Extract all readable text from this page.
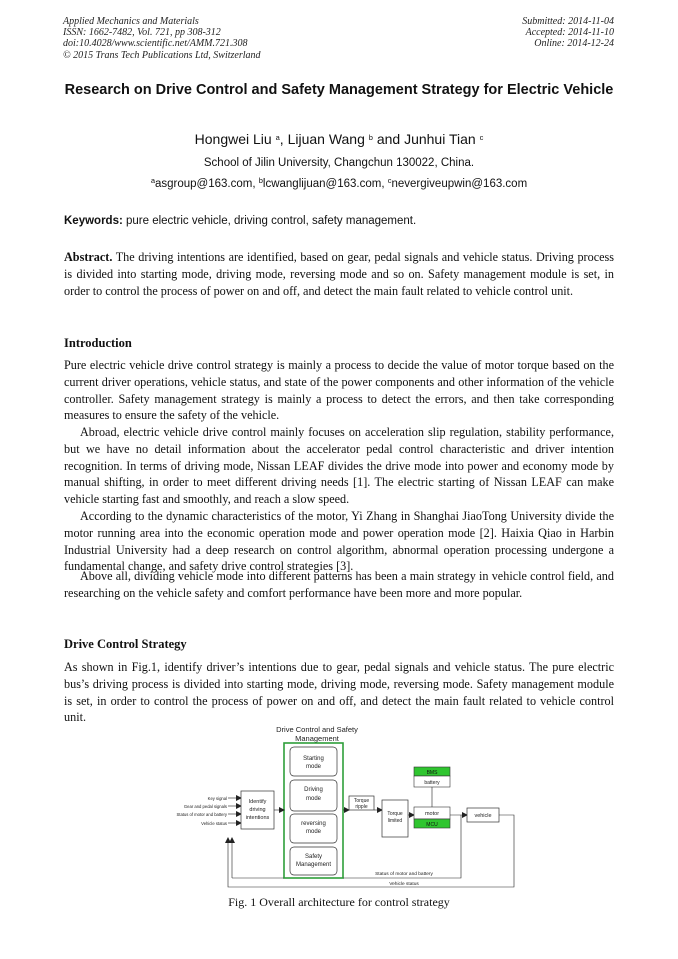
Applied Mechanics and Materials
ISSN: 1662-7482, Vol. 721, pp 308-312
doi:10.4028/www.scientific.net/AMM.721.308
© 2015 Trans Tech Publications Ltd, Switzerland
Submitted: 2014-11-04
Accepted: 2014-11-10
Online: 2014-12-24
Research on Drive Control and Safety Management Strategy for Electric Vehicle
Hongwei Liu $^a$, Lijuan Wang $^b$ and Junhui Tian $^c$
School of Jilin University, Changchun 130022, China.
$^a$asgroup@163.com, $^b$lcwanglijuan@163.com, $^c$nevergiveupwin@163.com
Keywords: pure electric vehicle, driving control, safety management.
Abstract. The driving intentions are identified, based on gear, pedal signals and vehicle status. Driving process is divided into starting mode, driving mode, reversing mode and so on. Safety management module is set, in order to control the process of power on and off, and detect the main fault related to vehicle control unit.
Introduction
Pure electric vehicle drive control strategy is mainly a process to decide the value of motor torque based on the current driver operations, vehicle status, and state of the power components and other information of the vehicle controller. Safety management strategy is mainly a process to detect the errors, and then take corresponding measures to ensure the safety of the vehicle.
Abroad, electric vehicle drive control mainly focuses on acceleration slip regulation, stability performance, but we have no detail information about the accelerator pedal control characteristic and driver intention recognition. In terms of driving mode, Nissan LEAF divides the drive mode into power and economy mode by manual shifting, in order to meet different driving needs [1]. The electric starting of Nissan LEAF can make vehicle starting fast and smoothly, and reach a slow speed.
According to the dynamic characteristics of the motor, Yi Zhang in Shanghai JiaoTong University divide the motor running area into the economic operation mode and power operation mode [2]. Haixia Qiao in Harbin Industrial University had a deep research on control algorithm, abnormal operation processing undergone a fundamental change, and safety drive control strategies [3].
Above all, dividing vehicle mode into different patterns has been a main strategy in vehicle control field, and researching on the vehicle safety and comfort performance have been more and more popular.
Drive Control Strategy
As shown in Fig.1, identify driver’s intentions due to gear, pedal signals and vehicle status. The pure electric bus’s driving process is divided into starting mode, driving mode, reversing mode. Safety management module is set, in order to control the process of power on and off, and detect the main fault related to vehicle control unit.
Drive Control and Safety
Management
Starting
mode
Driving
mode
reversing
mode
Safety
Management
Key signal
Gear and pedal signals
Status of motor and battery
Vehicle status
Identify
driving
intentions
Torque
ripple
Torque
limited
BMS
battery
motor
MCU
vehicle
Status of motor and battery
Vehicle status
Fig. 1 Overall architecture for control strategy
